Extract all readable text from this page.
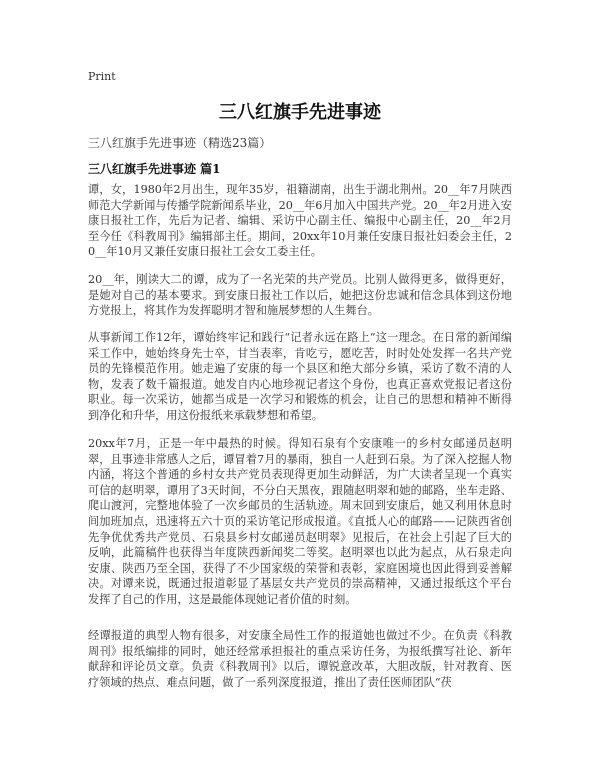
Print
三八红旗手先进事迹
三八红旗手先进事迹（精选23篇）
三八红旗手先进事迹 篇1

谭，女，1980年2月出生，现年35岁，祖籍湖南，出生于湖北荆州。20__年7月陕西师范大学新闻与传播学院新闻系毕业，20__年6月加入中国共产党。20__年2月进入安康日报社工作，先后为记者、编辑、采访中心副主任、编报中心副主任，20__年2月至今任《科教周刊》编辑部主任。期间，20xx年10月兼任安康日报社妇委会主任，20__年10月又兼任安康日报社工会女工委主任。

20__年，刚读大二的谭，成为了一名光荣的共产党员。比别人做得更多，做得更好，是她对自己的基本要求。到安康日报社工作以后，她把这份忠诚和信念具体到这份地方党报上，将其作为发挥聪明才智和施展梦想的人生舞台。

从事新闻工作12年，谭始终牢记和践行“记者永远在路上”这一理念。在日常的新闻编采工作中，她始终身先士卒，甘当表率，肯吃亏，愿吃苦，时时处处发挥一名共产党员的先锋模范作用。她走遍了安康的每一个县区和绝大部分乡镇，采访了数不清的人物，发表了数千篇报道。她发自内心地珍视记者这个身份，也真正喜欢党报记者这份职业。每一次采访，她都当成是一次学习和锻炼的机会，让自己的思想和精神不断得到净化和升华，用这份报纸来承载梦想和希望。

20xx年7月，正是一年中最热的时候。得知石泉有个安康唯一的乡村女邮递员赵明翠，且事迹非常感人之后，谭冒着7月的暴雨，独自一人赶到石泉。为了深入挖掘人物内涵，将这个普通的乡村女共产党员表现得更加生动鲜活，为广大读者呈现一个真实可信的赵明翠，谭用了3天时间，不分白天黑夜，跟随赵明翠和她的邮路，坐车走路、爬山渡河，完整地体验了一次乡邮员的生活轨迹。周末回到安康后，她又利用休息时间加班加点，迅速将五六十页的采访笔记形成报道。《直抵人心的邮路——记陕西省创先争优优秀共产党员、石泉县乡村女邮递员赵明翠》见报后，在社会上引起了巨大的反响，此篇稿件也获得当年度陕西新闻奖二等奖。赵明翠也以此为起点，从石泉走向安康、陕西乃至全国，获得了不少国家级的荣誉和表彰，家庭困境也因此得到妥善解决。对谭来说，既通过报道彰显了基层女共产党员的崇高精神，又通过报纸这个平台发挥了自己的作用，这是最能体现她记者价值的时刻。

经谭报道的典型人物有很多，对安康全局性工作的报道她也做过不少。在负责《科教周刊》报纸编排的同时，她还经常承担报社的重点采访任务，为报纸撰写社论、新年献辞和评论员文章。负责《科教周刊》以后，谭锐意改革，大胆改版，针对教育、医疗领域的热点、难点问题，做了一系列深度报道，推出了责任医师团队“茯
